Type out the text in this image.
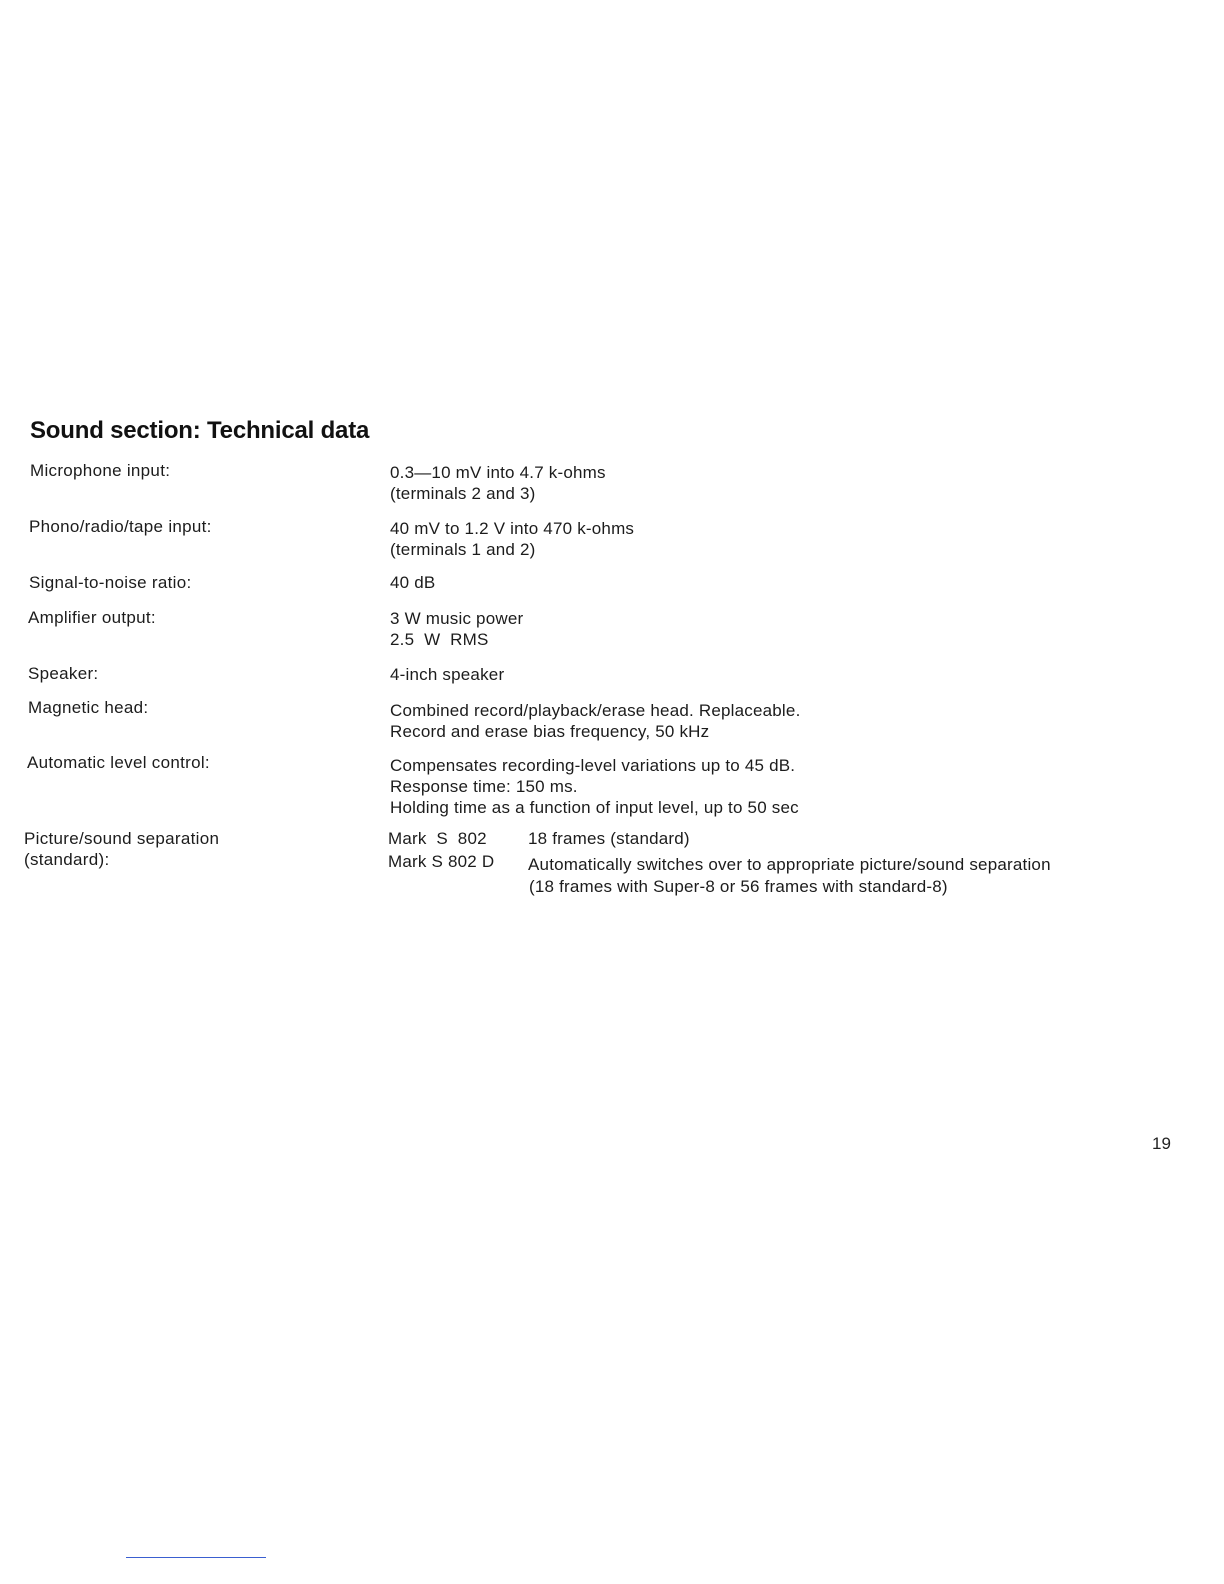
Sound section: Technical data
Microphone input:	0.3—10 mV into 4.7 k-ohms
(terminals 2 and 3)
Phono/radio/tape input:	40 mV to 1.2 V into 470 k-ohms
(terminals 1 and 2)
Signal-to-noise ratio:	40 dB
Amplifier output:	3 W music power
2.5  W  RMS
Speaker:	4-inch speaker
Magnetic head:	Combined record/playback/erase head. Replaceable.
Record and erase bias frequency, 50 kHz
Automatic level control:	Compensates recording-level variations up to 45 dB.
Response time: 150 ms.
Holding time as a function of input level, up to 50 sec
Picture/sound separation
(standard):
Mark  S  802 18 frames (standard)
Mark S 802 D Automatically switches over to appropriate picture/sound separation
(18 frames with Super-8 or 56 frames with standard-8)
19
